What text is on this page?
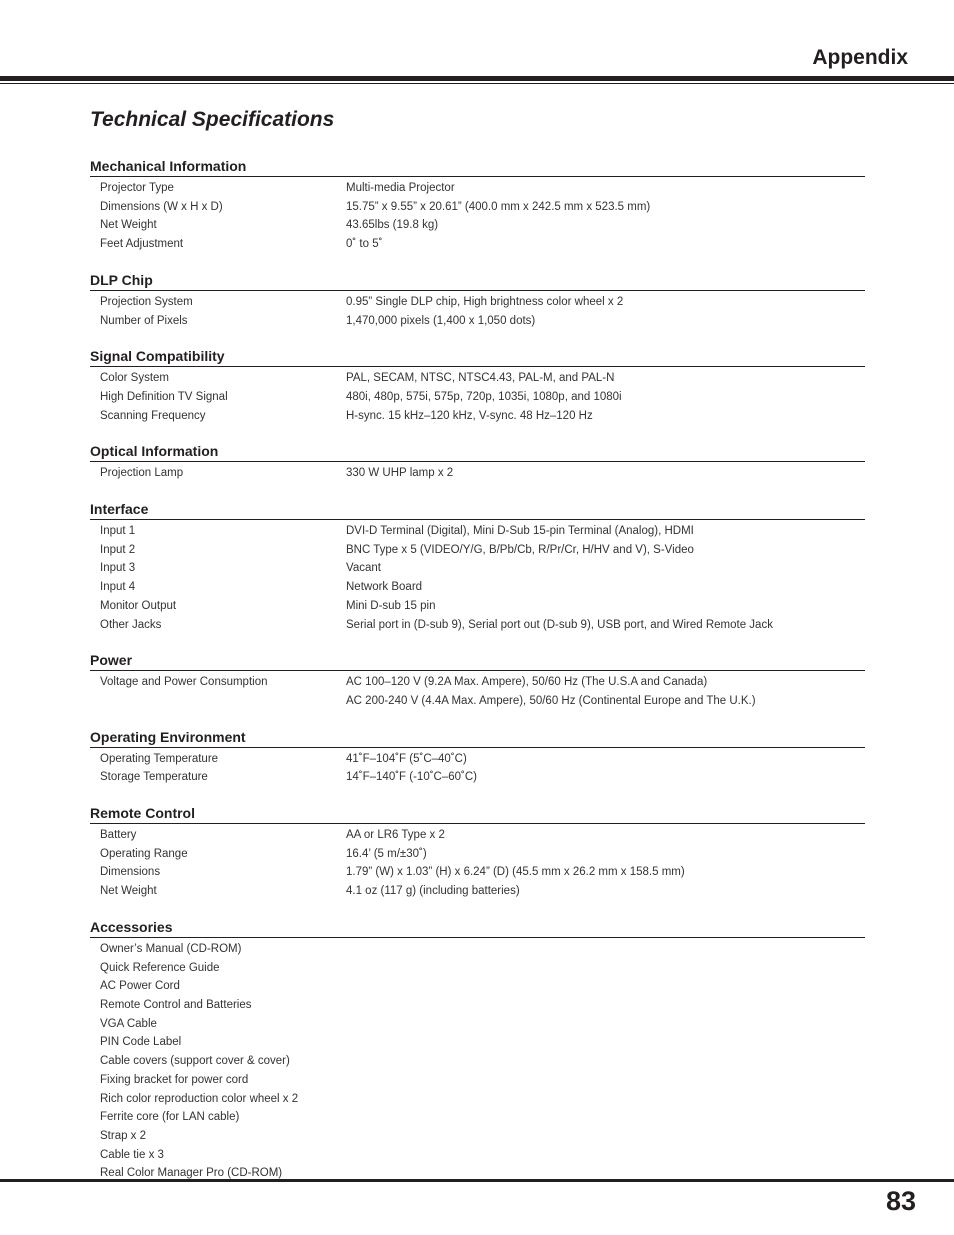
Appendix
Technical Specifications
Mechanical Information
Projector Type	Multi-media Projector
Dimensions (W x H x D)	15.75” x 9.55” x 20.61” (400.0 mm x 242.5 mm x 523.5 mm)
Net Weight	43.65lbs (19.8 kg)
Feet Adjustment	0˚ to 5˚
DLP Chip
Projection System	0.95” Single DLP chip, High brightness color wheel x 2
Number of Pixels	1,470,000 pixels (1,400 x 1,050 dots)
Signal Compatibility
Color System	PAL, SECAM, NTSC, NTSC4.43, PAL-M, and PAL-N
High Definition TV Signal	480i, 480p, 575i, 575p, 720p, 1035i, 1080p, and 1080i
Scanning Frequency	H-sync. 15 kHz–120 kHz, V-sync. 48 Hz–120 Hz
Optical Information
Projection Lamp	330 W UHP lamp x 2
Interface
Input 1	DVI-D Terminal (Digital), Mini D-Sub 15-pin Terminal (Analog), HDMI
Input 2	BNC Type x 5 (VIDEO/Y/G, B/Pb/Cb, R/Pr/Cr, H/HV and V), S-Video
Input 3	Vacant
Input 4	Network Board
Monitor Output	Mini D-sub 15 pin
Other Jacks	Serial port in (D-sub 9), Serial port out (D-sub 9), USB port, and Wired Remote Jack
Power
Voltage and Power Consumption	AC 100–120 V (9.2A Max. Ampere), 50/60 Hz (The U.S.A and Canada)
AC 200-240 V (4.4A Max. Ampere), 50/60 Hz (Continental Europe and The U.K.)
Operating Environment
Operating Temperature	41˚F–104˚F (5˚C–40˚C)
Storage Temperature	14˚F–140˚F (-10˚C–60˚C)
Remote Control
Battery	AA or LR6 Type x 2
Operating Range	16.4’ (5 m/±30˚)
Dimensions	1.79” (W) x 1.03” (H) x 6.24” (D) (45.5 mm x 26.2 mm x 158.5 mm)
Net Weight	4.1 oz (117 g) (including batteries)
Accessories
Owner’s Manual (CD-ROM)
Quick Reference Guide
AC Power Cord
Remote Control and Batteries
VGA Cable
PIN Code Label
Cable covers (support cover & cover)
Fixing bracket for power cord
Rich color reproduction color wheel x 2
Ferrite core (for LAN cable)
Strap x 2
Cable tie x 3
Real Color Manager Pro (CD-ROM)
83
